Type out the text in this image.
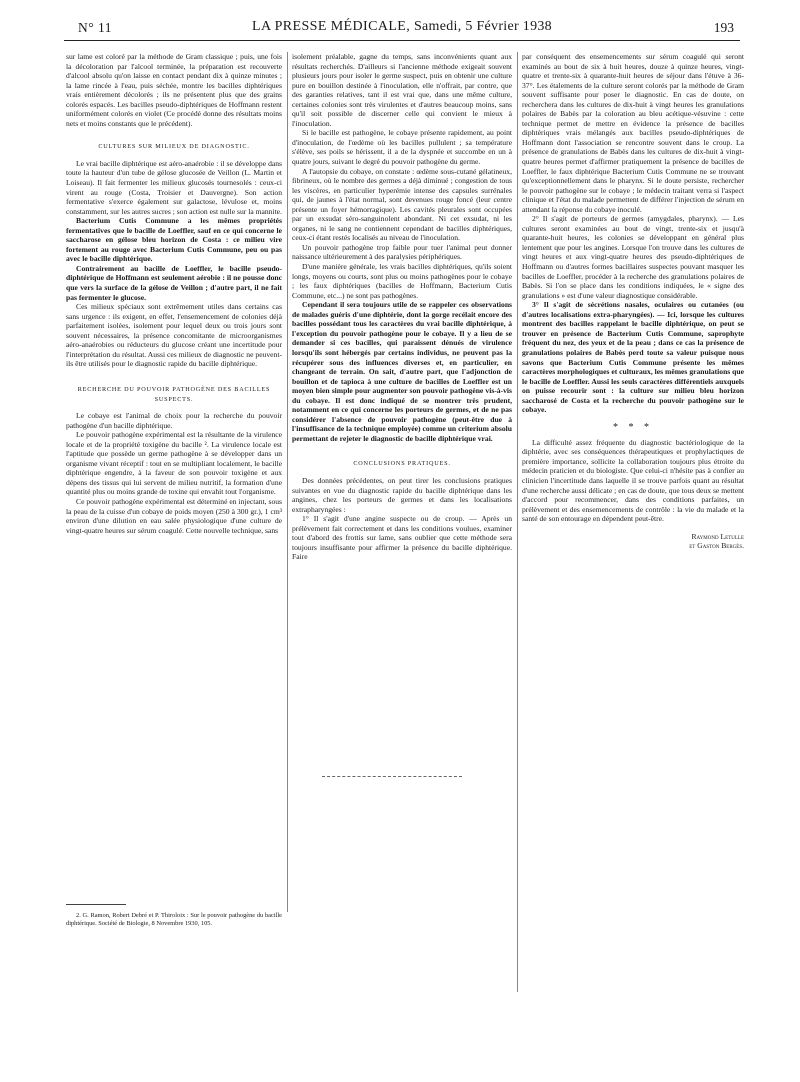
N° 11	LA PRESSE MÉDICALE, Samedi, 5 Février 1938	193

sur lame est coloré par la méthode de Gram classique ; puis, une fois la décoloration par l'alcool terminée, la préparation est recouverte d'alcool absolu qu'on laisse en contact pendant dix à quinze minutes ; la lame rincée à l'eau, puis séchée, montre les bacilles diphtériques vrais entièrement décolorés ; ils ne présentent plus que des grains colorés espacés. Les bacilles pseudo-diphtériques de Hoffmann restent uniformément colorés en violet (Ce procédé donne des résultats moins nets et moins constants que le précédent).

CULTURES SUR MILIEUX DE DIAGNOSTIC.

Le vrai bacille diphtérique est aéro-anaérobie : il se développe dans toute la hauteur d'un tube de gélose glucosée de Veillon (L. Martin et Loiseau). Il fait fermenter les milieux glucosés tournesolés : ceux-ci virent au rouge (Costa, Troisier et Dauvergne). Son action fermentative s'exerce également sur galactose, lévulose et, moins constamment, sur les autres sucres ; son action est nulle sur la mannite.

Bacterium Cutis Commune a les mêmes propriétés fermentatives que le bacille de Loeffler, sauf en ce qui concerne le saccharose en gélose bleu horizon de Costa : ce milieu vire fortement au rouge avec Bacterium Cutis Commune, peu ou pas avec le bacille diphtérique.

Contrairement au bacille de Loeffler, le bacille pseudo-diphtérique de Hoffmann est seulement aérobie : il ne pousse donc que vers la surface de la gélose de Veillon ; d'autre part, il ne fait pas fermenter le glucose.

Ces milieux spéciaux sont extrêmement utiles dans certains cas sans urgence : ils exigent, en effet, l'ensemencement de colonies déjà parfaitement isolées, isolement pour lequel deux ou trois jours sont souvent nécessaires, la présence concomitante de microorganismes aéro-anaérobies ou réducteurs du glucose créant une incertitude pour l'interprétation du résultat. Aussi ces milieux de diagnostic ne peuvent-ils être utilisés pour le diagnostic rapide du bacille diphtérique.

RECHERCHE DU POUVOIR PATHOGÈNE DES BACILLES SUSPECTS.

Le cobaye est l'animal de choix pour la recherche du pouvoir pathogène d'un bacille diphtérique.

Le pouvoir pathogène expérimental est la résultante de la virulence locale et de la propriété toxigène du bacille ². La virulence locale est l'aptitude que possède un germe pathogène à se développer dans un organisme vivant réceptif : tout en se multipliant localement, le bacille diphtérique engendre, à la faveur de son pouvoir toxigène et aux dépens des tissus qui lui servent de milieu nutritif, la formation d'une quantité plus ou moins grande de toxine qui envahit tout l'organisme.

Ce pouvoir pathogène expérimental est déterminé en injectant, sous la peau de la cuisse d'un cobaye de poids moyen (250 à 300 gr.), 1 cm³ environ d'une dilution en eau salée physiologique d'une culture de vingt-quatre heures sur sérum coagulé. Cette nouvelle technique, sans

2. G. Ramon, Robert Debré et P. Thiroloix : Sur le pouvoir pathogène du bacille diphtérique. Société de Biologie, 8 Novembre 1930, 105.

isolement préalable, gagne du temps, sans inconvénients quant aux résultats recherchés. D'ailleurs si l'ancienne méthode exigeait souvent plusieurs jours pour isoler le germe suspect, puis en obtenir une culture pure en bouillon destinée à l'inoculation, elle n'offrait, par contre, que des garanties relatives, tant il est vrai que, dans une même culture, certaines colonies sont très virulentes et d'autres beaucoup moins, sans qu'il soit possible de discerner celle qui convient le mieux à l'inoculation.

Si le bacille est pathogène, le cobaye présente rapidement, au point d'inoculation, de l'œdème où les bacilles pullulent ; sa température s'élève, ses poils se hérissent, il a de la dyspnée et succombe en un à quatre jours, suivant le degré du pouvoir pathogène du germe.

A l'autopsie du cobaye, on constate : œdème sous-cutané gélatineux, fibrineux, où le nombre des germes a déjà diminué ; congestion de tous les viscères, en particulier hyperémie intense des capsules surrénales qui, de jaunes à l'état normal, sont devenues rouge foncé (leur centre présente un foyer hémorragique). Les cavités pleurales sont occupées par un exsudat séro-sanguinolent abondant. Ni cet exsudat, ni les organes, ni le sang ne contiennent cependant de bacilles diphtériques, ceux-ci étant restés localisés au niveau de l'inoculation.

Un pouvoir pathogène trop faible pour tuer l'animal peut donner naissance ultérieurement à des paralysies périphériques.

D'une manière générale, les vrais bacilles diphtériques, qu'ils soient longs, moyens ou courts, sont plus ou moins pathogènes pour le cobaye ; les faux diphtériques (bacilles de Hoffmann, Bacterium Cutis Commune, etc...) ne sont pas pathogènes.

Cependant il sera toujours utile de se rappeler ces observations de malades guéris d'une diphtérie, dont la gorge recélait encore des bacilles possédant tous les caractères du vrai bacille diphtérique, à l'exception du pouvoir pathogène pour le cobaye. Il y a lieu de se demander si ces bacilles, qui paraissent dénués de virulence lorsqu'ils sont hébergés par certains individus, ne peuvent pas la récupérer sous des influences diverses et, en particulier, en changeant de terrain. On sait, d'autre part, que l'adjonction de bouillon et de tapioca à une culture de bacilles de Loeffler est un moyen bien simple pour augmenter son pouvoir pathogène vis-à-vis du cobaye. Il est donc indiqué de se montrer très prudent, notamment en ce qui concerne les porteurs de germes, et de ne pas considérer l'absence de pouvoir pathogène (peut-être due à l'insuffisance de la technique employée) comme un criterium absolu permettant de rejeter le diagnostic de bacille diphtérique vrai.

CONCLUSIONS PRATIQUES.

Des données précédentes, on peut tirer les conclusions pratiques suivantes en vue du diagnostic rapide du bacille diphtérique dans les angines, chez les porteurs de germes et dans les localisations extrapharyngées :

1° Il s'agit d'une angine suspecte ou de croup. — Après un prélèvement fait correctement et dans les conditions voulues, examiner tout d'abord des frottis sur lame, sans oublier que cette méthode sera toujours insuffisante pour affirmer la présence du bacille diphtérique. Faire

par conséquent des ensemencements sur sérum coagulé qui seront examinés au bout de six à huit heures, douze à quinze heures, vingt-quatre et trente-six à quarante-huit heures de séjour dans l'étuve à 36-37°. Les étalements de la culture seront colorés par la méthode de Gram souvent suffisante pour poser le diagnostic. En cas de doute, on recherchera dans les cultures de dix-huit à vingt heures les granulations polaires de Babès par la coloration au bleu acétique-vésuvine : cette technique permet de mettre en évidence la présence de bacilles diphtériques vrais mélangés aux bacilles pseudo-diphtériques de Hoffmann dont l'association se rencontre souvent dans le croup. La présence de granulations de Babès dans les cultures de dix-huit à vingt-quatre heures permet d'affirmer pratiquement la présence de bacilles de Loeffler, le faux diphtérique Bacterium Cutis Commune ne se trouvant qu'exceptionnellement dans le pharynx. Si le doute persiste, rechercher le pouvoir pathogène sur le cobaye ; le médecin traitant verra si l'aspect clinique et l'état du malade permettent de différer l'injection de sérum en attendant la réponse du cobaye inoculé.

2° Il s'agit de porteurs de germes (amygdales, pharynx). — Les cultures seront examinées au bout de vingt, trente-six et jusqu'à quarante-huit heures, les colonies se développant en général plus lentement que pour les angines. Lorsque l'on trouve dans les cultures de vingt heures et aux vingt-quatre heures des pseudo-diphtériques de Hoffmann ou d'autres formes bacillaires suspectes pouvant masquer les bacilles de Loeffler, procéder à la recherche des granulations polaires de Babès. Si l'on se place dans les conditions indiquées, le « signe des granulations » est d'une valeur diagnostique considérable.

3° Il s'agit de sécrétions nasales, oculaires ou cutanées (ou d'autres localisations extra-pharyngées). — Ici, lorsque les cultures montrent des bacilles rappelant le bacille diphtérique, on peut se trouver en présence de Bacterium Cutis Commune, saprophyte fréquent du nez, des yeux et de la peau ; dans ce cas la présence de granulations polaires de Babès perd toute sa valeur puisque nous savons que Bacterium Cutis Commune présente les mêmes caractères morphologiques et culturaux, les mêmes granulations que le bacille de Loeffler. Aussi les seuls caractères différentiels auxquels on puisse recourir sont : la culture sur milieu bleu horizon saccharosé de Costa et la recherche du pouvoir pathogène sur le cobaye.

* * *

La difficulté assez fréquente du diagnostic bactériologique de la diphtérie, avec ses conséquences thérapeutiques et prophylactiques de première importance, sollicite la collaboration toujours plus étroite du médecin praticien et du biologiste. Que celui-ci n'hésite pas à confier au clinicien l'incertitude dans laquelle il se trouve parfois quant au résultat d'une recherche aussi délicate ; en cas de doute, que tous deux se mettent d'accord pour recommencer, dans des conditions parfaites, un prélèvement et des ensemencements de contrôle : la vie du malade et la santé de son entourage en dépendent peut-être.

Raymond Letulle
et Gaston Bergès.
